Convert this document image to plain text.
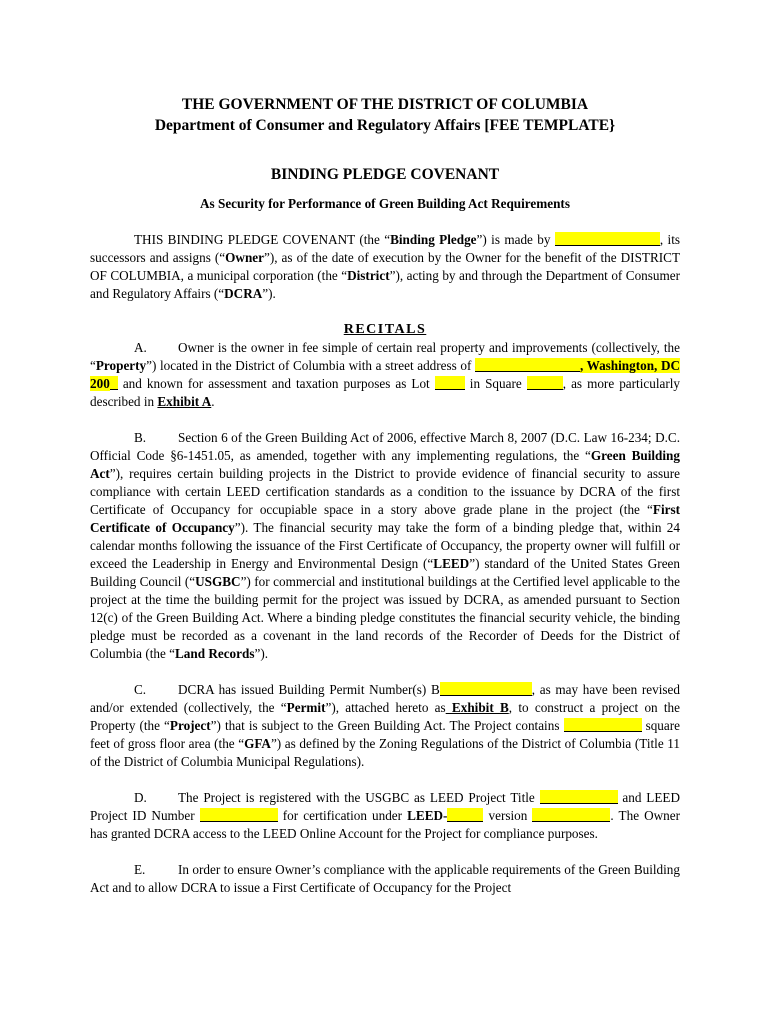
THE GOVERNMENT OF THE DISTRICT OF COLUMBIA
Department of Consumer and Regulatory Affairs [FEE TEMPLATE}
BINDING PLEDGE COVENANT
As Security for Performance of Green Building Act Requirements

THIS BINDING PLEDGE COVENANT (the “Binding Pledge”) is made by	, its successors and assigns (“Owner”), as of the date of execution by the Owner for the benefit of the DISTRICT OF COLUMBIA, a municipal corporation (the “District”), acting by and through the Department of Consumer and Regulatory Affairs (“DCRA”).

RECITALS

A. Owner is the owner in fee simple of certain real property and improvements (collectively, the “Property”) located in the District of Columbia with a street address of	, Washington, DC 200 and known for assessment and taxation purposes as Lot  in Square	, as more particularly described in Exhibit A.

B. Section 6 of the Green Building Act of 2006, effective March 8, 2007 (D.C. Law 16-234; D.C. Official Code §6-1451.05, as amended, together with any implementing regulations, the “Green Building Act”), requires certain building projects in the District to provide evidence of financial security to assure compliance with certain LEED certification standards as a condition to the issuance by DCRA of the first Certificate of Occupancy for occupiable space in a story above grade plane in the project (the “First Certificate of Occupancy”). The financial security may take the form of a binding pledge that, within 24 calendar months following the issuance of the First Certificate of Occupancy, the property owner will fulfill or exceed the Leadership in Energy and Environmental Design (“LEED”) standard of the United States Green Building Council (“USGBC”) for commercial and institutional buildings at the Certified level applicable to the project at the time the building permit for the project was issued by DCRA, as amended pursuant to Section 12(c) of the Green Building Act. Where a binding pledge constitutes the financial security vehicle, the binding pledge must be recorded as a covenant in the land records of the Recorder of Deeds for the District of Columbia (the “Land Records”).

C. DCRA has issued Building Permit Number(s) B	, as may have been revised and/or extended (collectively, the “Permit”), attached hereto as Exhibit B, to construct a project on the Property (the “Project”) that is subject to the Green Building Act. The Project contains	square feet of gross floor area (the “GFA”) as defined by the Zoning Regulations of the District of Columbia (Title 11 of the District of Columbia Municipal Regulations).

D. The Project is registered with the USGBC as LEED Project Title	and LEED Project ID Number	for certification under LEED-	version	. The Owner has granted DCRA access to the LEED Online Account for the Project for compliance purposes.

E. In order to ensure Owner’s compliance with the applicable requirements of the Green Building Act and to allow DCRA to issue a First Certificate of Occupancy for the Project
